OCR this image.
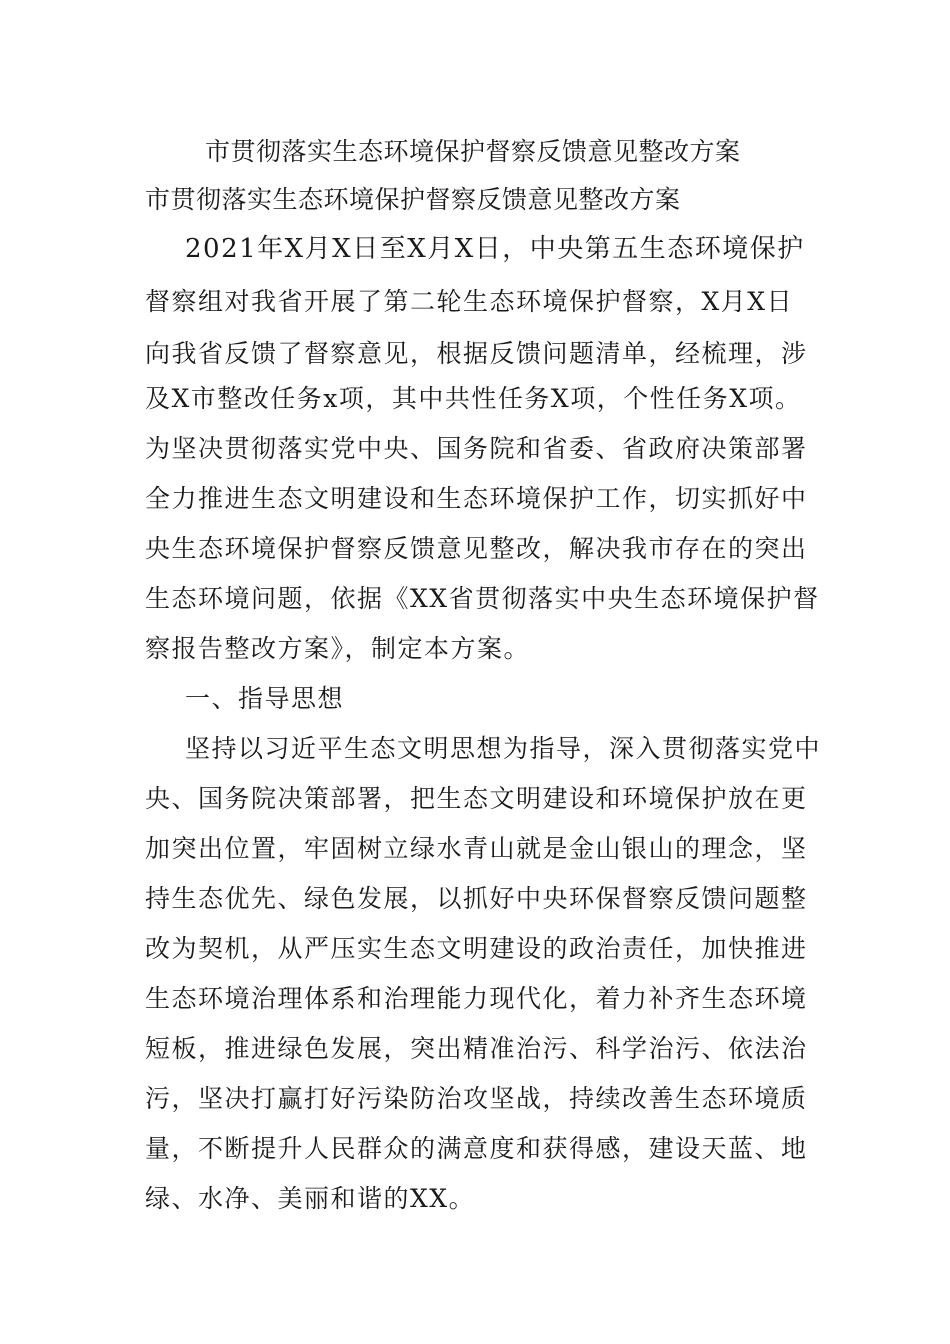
市贯彻落实生态环境保护督察反馈意见整改方案
市贯彻落实生态环境保护督察反馈意见整改方案
2021年X月X日至X月X日，中央第五生态环境保护
督察组对我省开展了第二轮生态环境保护督察，X月X日
向我省反馈了督察意见，根据反馈问题清单，经梳理，涉
及X市整改任务x项，其中共性任务X项，个性任务X项。
为坚决贯彻落实党中央、国务院和省委、省政府决策部署
全力推进生态文明建设和生态环境保护工作，切实抓好中
央生态环境保护督察反馈意见整改，解决我市存在的突出
生态环境问题，依据《XX省贯彻落实中央生态环境保护督
察报告整改方案》，制定本方案。
一、指导思想
坚持以习近平生态文明思想为指导，深入贯彻落实党中
央、国务院决策部署，把生态文明建设和环境保护放在更
加突出位置，牢固树立绿水青山就是金山银山的理念，坚
持生态优先、绿色发展，以抓好中央环保督察反馈问题整
改为契机，从严压实生态文明建设的政治责任，加快推进
生态环境治理体系和治理能力现代化，着力补齐生态环境
短板，推进绿色发展，突出精准治污、科学治污、依法治
污，坚决打赢打好污染防治攻坚战，持续改善生态环境质
量，不断提升人民群众的满意度和获得感，建设天蓝、地
绿、水净、美丽和谐的XX。
